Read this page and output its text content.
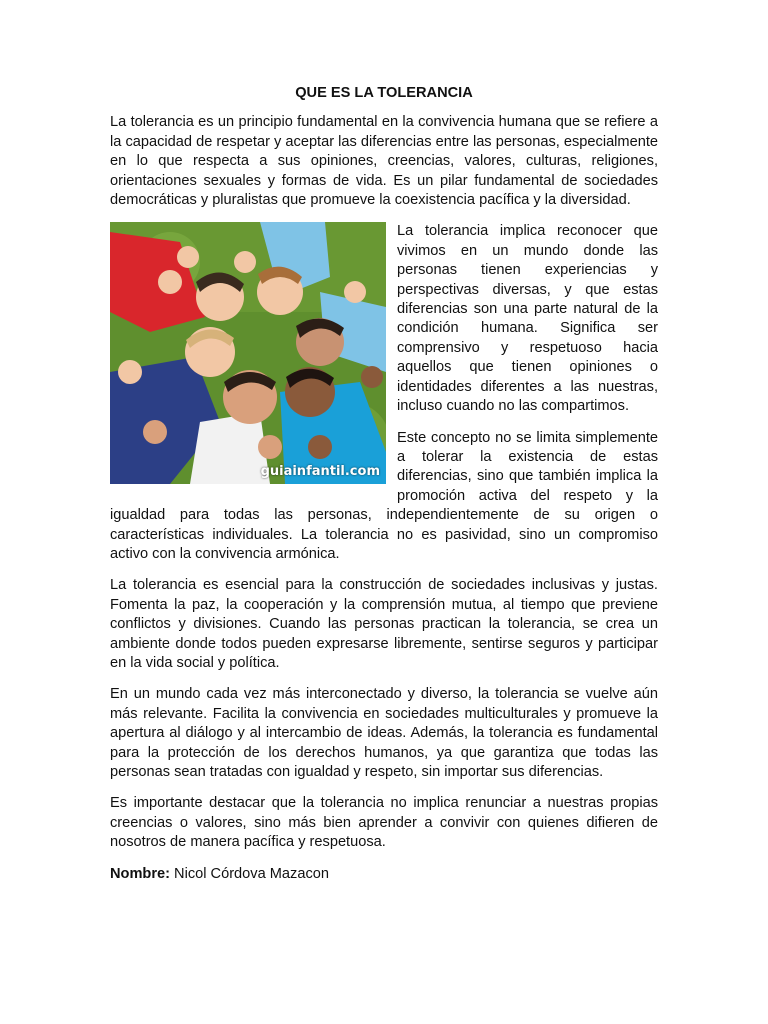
QUE ES LA TOLERANCIA

La tolerancia es un principio fundamental en la convivencia humana que se refiere a la capacidad de respetar y aceptar las diferencias entre las personas, especialmente en lo que respecta a sus opiniones, creencias, valores, culturas, religiones, orientaciones sexuales y formas de vida. Es un pilar fundamental de sociedades democráticas y pluralistas que promueve la coexistencia pacífica y la diversidad.

guiainfantil.com

La tolerancia implica reconocer que vivimos en un mundo donde las personas tienen experiencias y perspectivas diversas, y que estas diferencias son una parte natural de la condición humana. Significa ser comprensivo y respetuoso hacia aquellos que tienen opiniones o identidades diferentes a las nuestras, incluso cuando no las compartimos.

Este concepto no se limita simplemente a tolerar la existencia de estas diferencias, sino que también implica la promoción activa del respeto y la igualdad para todas las personas, independientemente de su origen o características individuales. La tolerancia no es pasividad, sino un compromiso activo con la convivencia armónica.

La tolerancia es esencial para la construcción de sociedades inclusivas y justas. Fomenta la paz, la cooperación y la comprensión mutua, al tiempo que previene conflictos y divisiones. Cuando las personas practican la tolerancia, se crea un ambiente donde todos pueden expresarse libremente, sentirse seguros y participar en la vida social y política.

En un mundo cada vez más interconectado y diverso, la tolerancia se vuelve aún más relevante. Facilita la convivencia en sociedades multiculturales y promueve la apertura al diálogo y al intercambio de ideas. Además, la tolerancia es fundamental para la protección de los derechos humanos, ya que garantiza que todas las personas sean tratadas con igualdad y respeto, sin importar sus diferencias.

Es importante destacar que la tolerancia no implica renunciar a nuestras propias creencias o valores, sino más bien aprender a convivir con quienes difieren de nosotros de manera pacífica y respetuosa.

Nombre: Nicol Córdova Mazacon
